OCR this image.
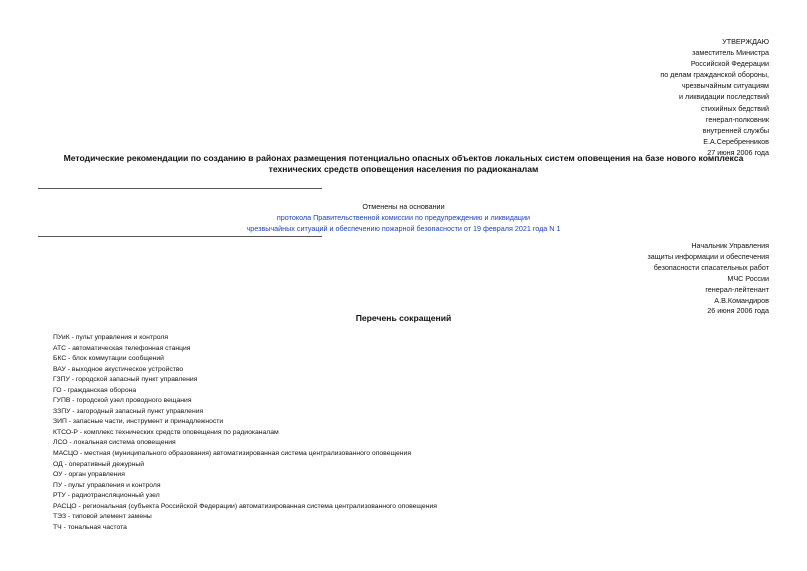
УТВЕРЖДАЮ
заместитель Министра
Российской Федерации
по делам гражданской обороны,
чрезвычайным ситуациям
и ликвидации последствий
стихийных бедствий
генерал-полковник
внутренней службы
Е.А.Серебренников
27 июня 2006 года
Методические рекомендации по созданию в районах размещения потенциально опасных объектов локальных систем оповещения на базе нового комплекса
технических средств оповещения населения по радиоканалам
Отменены на основании
протокола Правительственной комиссии по предупреждению и ликвидации
чрезвычайных ситуаций и обеспечению пожарной безопасности от 19 февраля 2021 года N 1
Начальник Управления
защиты информации и обеспечения
безопасности спасательных работ
МЧС России
генерал-лейтенант
А.В.Командиров
26 июня 2006 года
Перечень сокращений
ПУиК - пульт управления и контроля
АТС - автоматическая телефонная станция
БКС - блок коммутации сообщений
ВАУ - выходное акустическое устройство
ГЗПУ - городской запасный пункт управления
ГО - гражданская оборона
ГУПВ - городской узел проводного вещания
ЗЗПУ - загородный запасный пункт управления
ЗИП - запасные части, инструмент и принадлежности
КТСО-Р - комплекс технических средств оповещения по радиоканалам
ЛСО - локальная система оповещения
МАСЦО - местная (муниципального образования) автоматизированная система централизованного оповещения
ОД - оперативный дежурный
ОУ - орган управления
ПУ - пульт управления и контроля
РТУ - радиотрансляционный узел
РАСЦО - региональная (субъекта Российской Федерации) автоматизированная система централизованного оповещения
ТЭЗ - типовой элемент замены
ТЧ - тональная частота
